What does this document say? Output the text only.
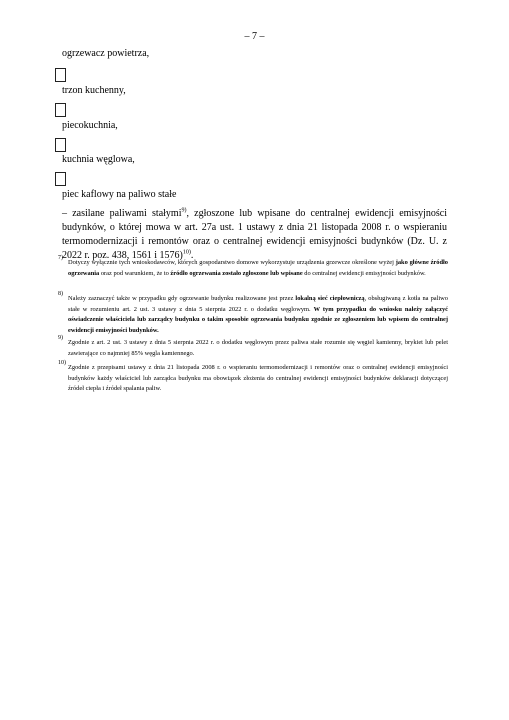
– 7 –
ogrzewacz powietrza,
trzon kuchenny,
piecokuchnia,
kuchnia węglowa,
piec kaflowy na paliwo stałe
– zasilane paliwami stałymi$^{9)}$, zgłoszone lub wpisane do centralnej ewidencji emisyjności budynków, o której mowa w art. 27a ust. 1 ustawy z dnia 21 listopada 2008 r. o wspieraniu termomodernizacji i remontów oraz o centralnej ewidencji emisyjności budynków (Dz. U. z 2022 r. poz. 438, 1561 i 1576)$^{10)}$.
7)
Dotyczy wyłącznie tych wnioskodawców, których gospodarstwo domowe wykorzystuje urządzenia grzewcze określone wyżej jako główne źródło ogrzewania oraz pod warunkiem, że to źródło ogrzewania zostało zgłoszone lub wpisane do centralnej ewidencji emisyjności budynków.
8)
Należy zaznaczyć także w przypadku gdy ogrzewanie budynku realizowane jest przez lokalną sieć ciepłowniczą, obsługiwaną z kotła na paliwo stałe w rozumieniu art. 2 ust. 3 ustawy z dnia 5 sierpnia 2022 r. o dodatku węglowym. W tym przypadku do wniosku należy załączyć oświadczenie właściciela lub zarządcy budynku o takim sposobie ogrzewania budynku zgodnie ze zgłoszeniem lub wpisem do centralnej ewidencji emisyjności budynków.
9)
Zgodnie z art. 2 ust. 3 ustawy z dnia 5 sierpnia 2022 r. o dodatku węglowym przez paliwa stałe rozumie się węgiel kamienny, brykiet lub pelet zawierające co najmniej 85% węgla kamiennego.
10)
Zgodnie z przepisami ustawy z dnia 21 listopada 2008 r. o wspieraniu termomodernizacji i remontów oraz o centralnej ewidencji emisyjności budynków każdy właściciel lub zarządca budynku ma obowiązek złożenia do centralnej ewidencji emisyjności budynków deklaracji dotyczącej źródeł ciepła i źródeł spalania paliw.
